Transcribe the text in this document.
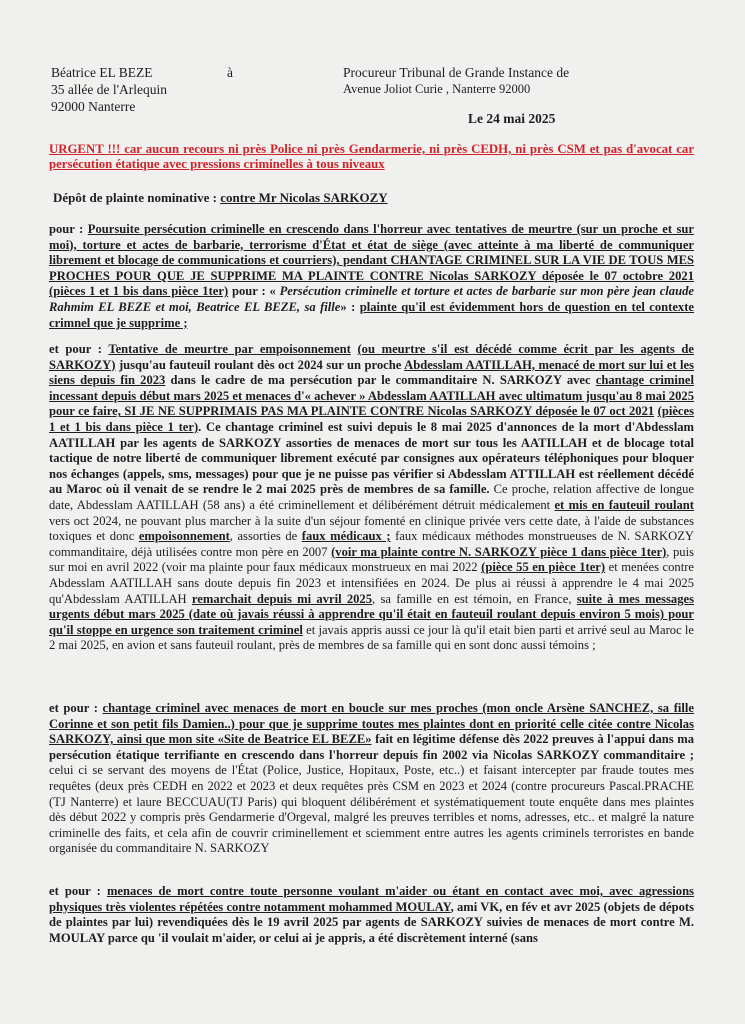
Béatrice EL BEZE
35 allée de l'Arlequin
92000 Nanterre
à	Procureur Tribunal de Grande Instance de
Avenue Joliot Curie , Nanterre 92000
Le 24 mai 2025
URGENT !!! car aucun recours ni près Police ni près Gendarmerie, ni près CEDH, ni près CSM et pas d'avocat car persécution étatique avec pressions criminelles à tous niveaux
Dépôt de plainte nominative : contre Mr Nicolas SARKOZY

pour : Poursuite persécution criminelle en crescendo dans l'horreur avec tentatives de meurtre (sur un proche et sur moi), torture et actes de barbarie, terrorisme d'État et état de siège (avec atteinte à ma liberté de communiquer librement et blocage de communications et courriers), pendant CHANTAGE CRIMINEL SUR LA VIE DE TOUS MES PROCHES POUR QUE JE SUPPRIME MA PLAINTE CONTRE Nicolas SARKOZY déposée le 07 octobre 2021 (pièces 1 et 1 bis dans pièce 1ter) pour : « Persécution criminelle et torture et actes de barbarie sur mon père jean claude Rahmim EL BEZE et moi, Beatrice EL BEZE, sa fille» : plainte qu'il est évidemment hors de question en tel contexte crimnel que je supprime ;

et pour : Tentative de meurtre par empoisonnement (ou meurtre s'il est décédé comme écrit par les agents de SARKOZY) jusqu'au fauteuil roulant dès oct 2024 sur un proche Abdesslam AATILLAH, menacé de mort sur lui et les siens depuis fin 2023 dans le cadre de ma persécution par le commanditaire N. SARKOZY avec chantage criminel incessant depuis début mars 2025 et menaces d'« achever » Abdesslam AATILLAH avec ultimatum jusqu'au 8 mai 2025 pour ce faire, SI JE NE SUPPRIMAIS PAS MA PLAINTE CONTRE Nicolas SARKOZY déposée le 07 oct 2021 (pièces 1 et 1 bis dans pièce 1 ter). Ce chantage criminel est suivi depuis le 8 mai 2025 d'annonces de la mort d'Abdesslam AATILLAH par les agents de SARKOZY assorties de menaces de mort sur tous les AATILLAH et de blocage total tactique de notre liberté de communiquer librement exécuté par consignes aux opérateurs téléphoniques pour bloquer nos échanges (appels, sms, messages) pour que je ne puisse pas vérifier si Abdesslam ATTILLAH est réellement décédé au Maroc où il venait de se rendre le 2 mai 2025 près de membres de sa famille. Ce proche, relation affective de longue date, Abdesslam AATILLAH (58 ans) a été criminellement et délibérément détruit médicalement et mis en fauteuil roulant vers oct 2024, ne pouvant plus marcher à la suite d'un séjour fomenté en clinique privée vers cette date, à l'aide de substances toxiques et donc empoisonnement, assorties de faux médicaux ; faux médicaux méthodes monstrueuses de N. SARKOZY commanditaire, déjà utilisées contre mon père en 2007 (voir ma plainte contre N. SARKOZY pièce 1 dans pièce 1ter), puis sur moi en avril 2022 (voir ma plainte pour faux médicaux monstrueux en mai 2022 (pièce 55 en pièce 1ter) et menées contre Abdesslam AATILLAH sans doute depuis fin 2023 et intensifiées en 2024. De plus ai réussi à apprendre le 4 mai 2025 qu'Abdesslam AATILLAH remarchait depuis mi avril 2025, sa famille en est témoin, en France, suite à mes messages urgents début mars 2025 (date où javais réussi à apprendre qu'il était en fauteuil roulant depuis environ 5 mois) pour qu'il stoppe en urgence son traitement criminel et javais appris aussi ce jour là qu'il etait bien parti et arrivé seul au Maroc le 2 mai 2025, en avion et sans fauteuil roulant, près de membres de sa famille qui en sont donc aussi témoins ;

et pour : chantage criminel avec menaces de mort en boucle sur mes proches (mon oncle Arsène SANCHEZ, sa fille Corinne et son petit fils Damien..) pour que je supprime toutes mes plaintes dont en priorité celle citée contre Nicolas SARKOZY, ainsi que mon site «Site de Beatrice EL BEZE» fait en légitime défense dès 2022 preuves à l'appui dans ma persécution étatique terrifiante en crescendo dans l'horreur depuis fin 2002 via Nicolas SARKOZY commanditaire ; celui ci se servant des moyens de l'État (Police, Justice, Hopitaux, Poste, etc..) et faisant intercepter par fraude toutes mes requêtes (deux près CEDH en 2022 et 2023 et deux requêtes près CSM en 2023 et 2024 (contre procureurs Pascal.PRACHE (TJ Nanterre) et laure BECCUAU(TJ Paris) qui bloquent délibérément et systématiquement toute enquête dans mes plaintes dès début 2022 y compris près Gendarmerie d'Orgeval, malgré les preuves terribles et noms, adresses, etc.. et malgré la nature criminelle des faits, et cela afin de couvrir criminellement et sciemment entre autres les agents criminels terroristes en bande organisée du commanditaire N. SARKOZY

et pour : menaces de mort contre toute personne voulant m'aider ou étant en contact avec moi, avec agressions physiques très violentes répétées contre notamment mohammed MOULAY, ami VK, en fév et avr 2025 (objets de dépots de plaintes par lui) revendiquées dès le 19 avril 2025 par agents de SARKOZY suivies de menaces de mort contre M. MOULAY parce qu 'il voulait m'aider, or celui ai je appris, a été discrètement interné (sans
